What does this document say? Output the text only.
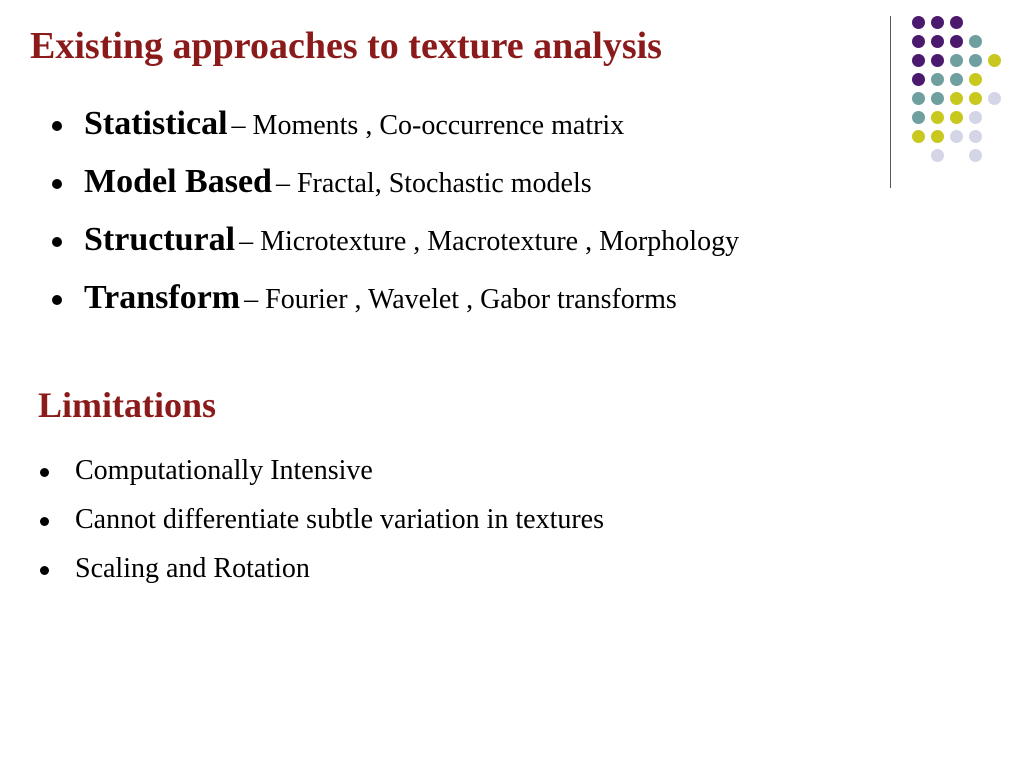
Existing approaches to texture analysis
Statistical – Moments , Co-occurrence matrix
Model Based – Fractal, Stochastic models
Structural – Microtexture , Macrotexture , Morphology
Transform – Fourier , Wavelet , Gabor transforms
Limitations
Computationally Intensive
Cannot differentiate subtle variation in textures
Scaling and Rotation
